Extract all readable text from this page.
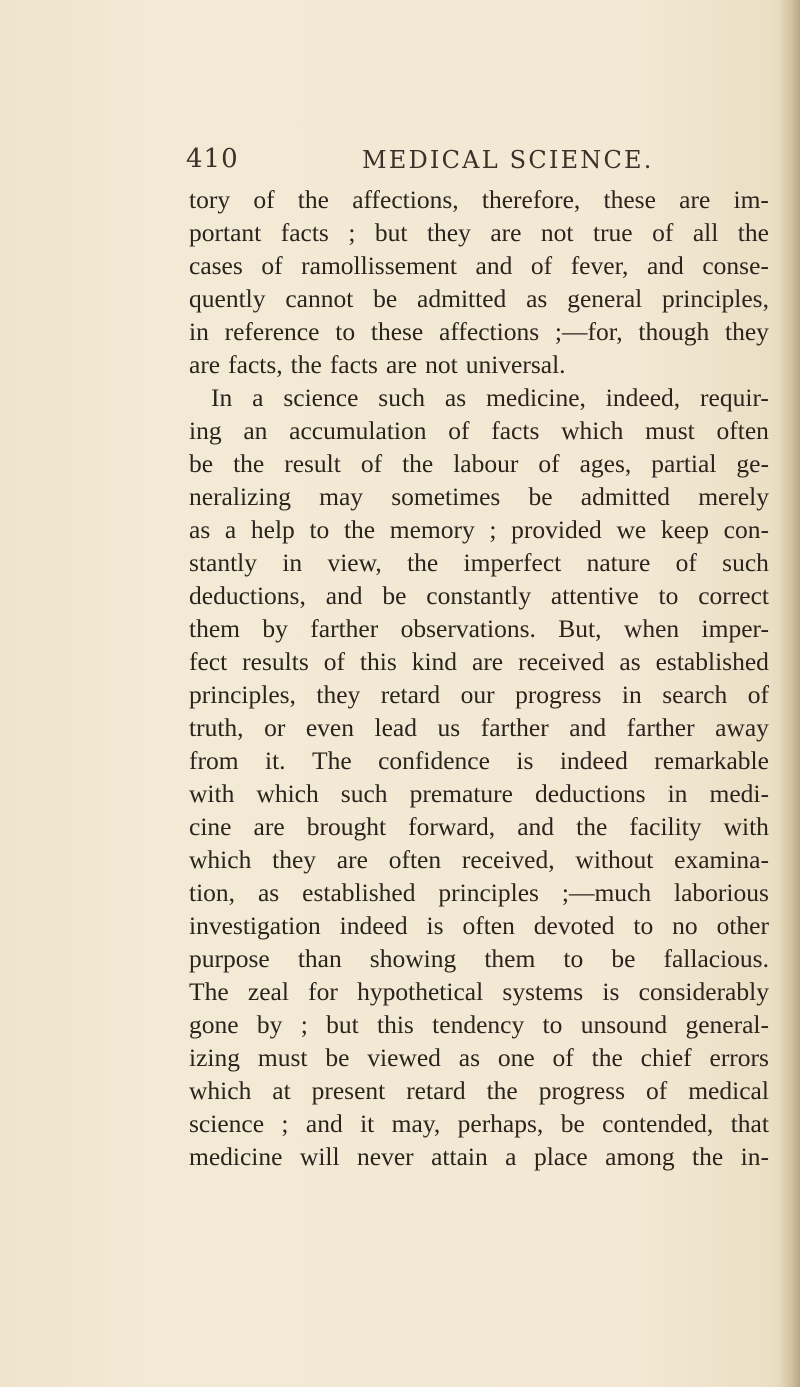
410	MEDICAL SCIENCE.
tory of the affections, therefore, these are im-
portant facts ; but they are not true of all the
cases of ramollissement and of fever, and conse-
quently cannot be admitted as general principles,
in reference to these affections ;—for, though they
are facts, the facts are not universal.
In a science such as medicine, indeed, requir-
ing an accumulation of facts which must often
be the result of the labour of ages, partial ge-
neralizing may sometimes be admitted merely
as a help to the memory ; provided we keep con-
stantly in view, the imperfect nature of such
deductions, and be constantly attentive to correct
them by farther observations. But, when imper-
fect results of this kind are received as established
principles, they retard our progress in search of
truth, or even lead us farther and farther away
from it. The confidence is indeed remarkable
with which such premature deductions in medi-
cine are brought forward, and the facility with
which they are often received, without examina-
tion, as established principles ;—much laborious
investigation indeed is often devoted to no other
purpose than showing them to be fallacious.
The zeal for hypothetical systems is considerably
gone by ; but this tendency to unsound general-
izing must be viewed as one of the chief errors
which at present retard the progress of medical
science ; and it may, perhaps, be contended, that
medicine will never attain a place among the in-
